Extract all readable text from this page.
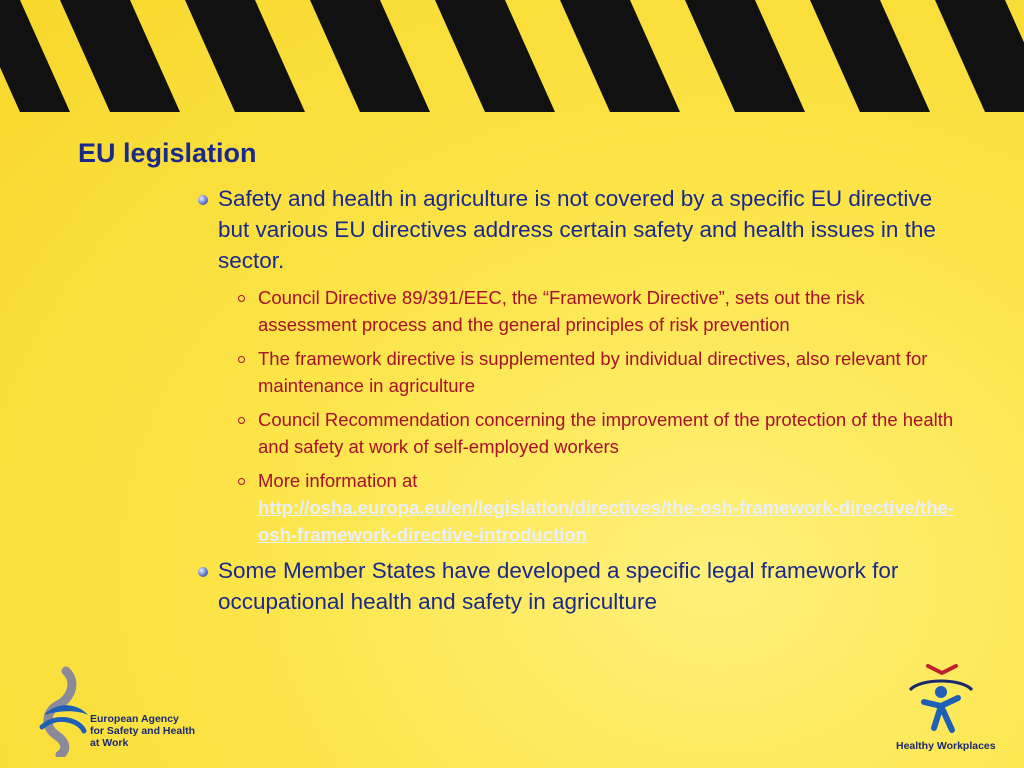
EU legislation
Safety and health in agriculture is not covered by a specific EU directive but various EU directives address certain safety and health issues in the sector.
Council Directive 89/391/EEC, the “Framework Directive”, sets out the risk assessment process and the general principles of risk prevention
The framework directive is supplemented by individual directives, also relevant for maintenance in agriculture
Council Recommendation concerning the improvement of the protection of the health and safety at work of self-employed workers
More information at
http://osha.europa.eu/en/legislation/directives/the-osh-framework-directive/the-osh-framework-directive-introduction
Some Member States have developed a specific legal framework for occupational health and safety in agriculture
European Agency
for Safety and Health
at Work	Healthy Workplaces
